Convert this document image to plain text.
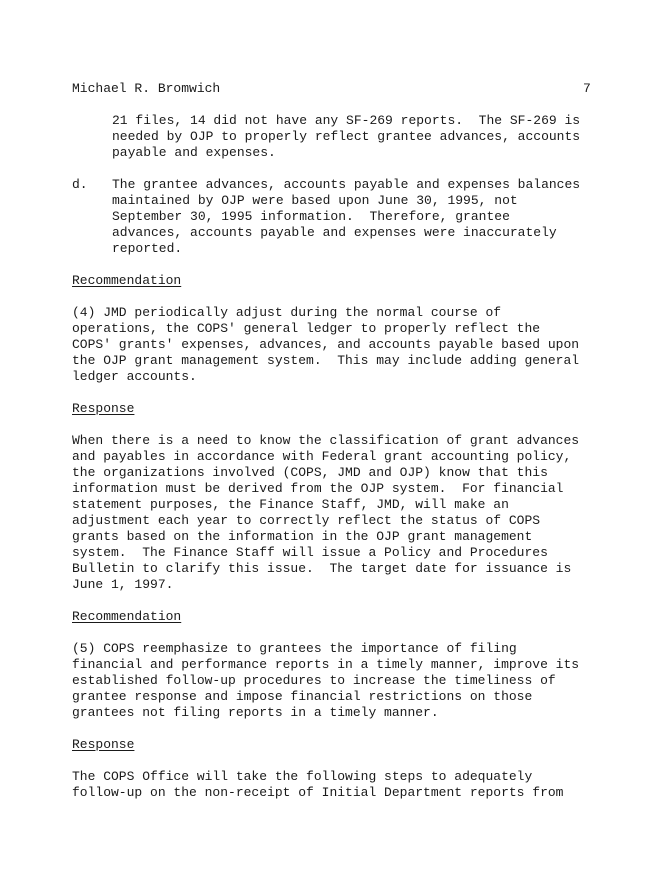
Michael R. Bromwich	7
21 files, 14 did not have any SF-269 reports.  The SF-269 is
needed by OJP to properly reflect grantee advances, accounts
payable and expenses.
d. The grantee advances, accounts payable and expenses balances
maintained by OJP were based upon June 30, 1995, not
September 30, 1995 information.  Therefore, grantee
advances, accounts payable and expenses were inaccurately
reported.
Recommendation
(4) JMD periodically adjust during the normal course of
operations, the COPS' general ledger to properly reflect the
COPS' grants' expenses, advances, and accounts payable based upon
the OJP grant management system.  This may include adding general
ledger accounts.
Response
When there is a need to know the classification of grant advances
and payables in accordance with Federal grant accounting policy,
the organizations involved (COPS, JMD and OJP) know that this
information must be derived from the OJP system.  For financial
statement purposes, the Finance Staff, JMD, will make an
adjustment each year to correctly reflect the status of COPS
grants based on the information in the OJP grant management
system.  The Finance Staff will issue a Policy and Procedures
Bulletin to clarify this issue.  The target date for issuance is
June 1, 1997.
Recommendation
(5) COPS reemphasize to grantees the importance of filing
financial and performance reports in a timely manner, improve its
established follow-up procedures to increase the timeliness of
grantee response and impose financial restrictions on those
grantees not filing reports in a timely manner.
Response
The COPS Office will take the following steps to adequately
follow-up on the non-receipt of Initial Department reports from
